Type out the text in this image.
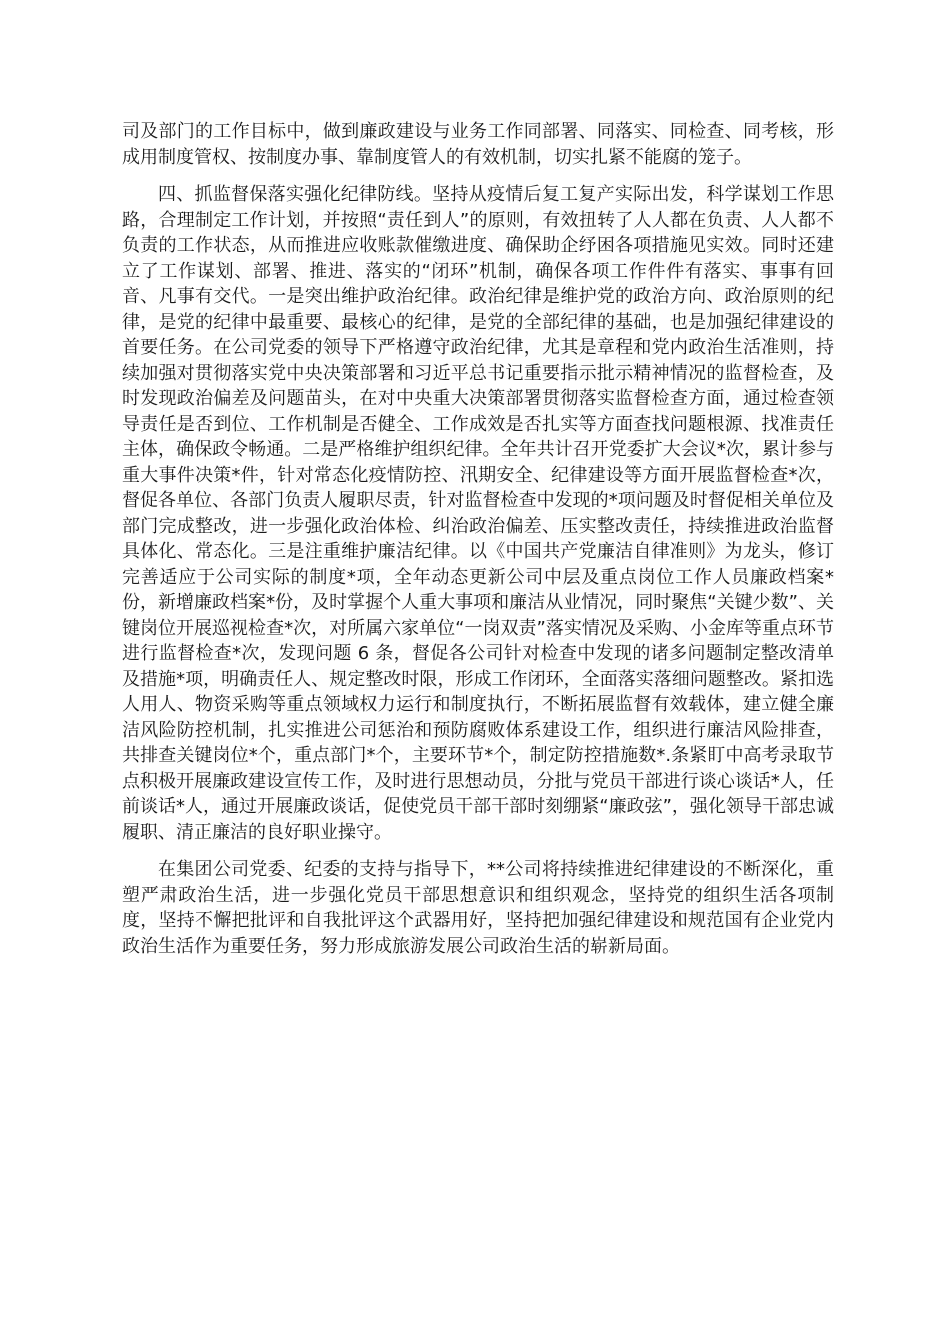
司及部门的工作目标中，做到廉政建设与业务工作同部署、同落实、同检查、同考核，形成用制度管权、按制度办事、靠制度管人的有效机制，切实扎紧不能腐的笼子。

四、抓监督保落实强化纪律防线。坚持从疫情后复工复产实际出发，科学谋划工作思路，合理制定工作计划，并按照“责任到人”的原则，有效扭转了人人都在负责、人人都不负责的工作状态，从而推进应收账款催缴进度、确保助企纾困各项措施见实效。同时还建立了工作谋划、部署、推进、落实的“闭环”机制，确保各项工作件件有落实、事事有回音、凡事有交代。一是突出维护政治纪律。政治纪律是维护党的政治方向、政治原则的纪律，是党的纪律中最重要、最核心的纪律，是党的全部纪律的基础，也是加强纪律建设的首要任务。在公司党委的领导下严格遵守政治纪律，尤其是章程和党内政治生活准则，持续加强对贯彻落实党中央决策部署和习近平总书记重要指示批示精神情况的监督检查，及时发现政治偏差及问题苗头，在对中央重大决策部署贯彻落实监督检查方面，通过检查领导责任是否到位、工作机制是否健全、工作成效是否扎实等方面查找问题根源、找准责任主体，确保政令畅通。二是严格维护组织纪律。全年共计召开党委扩大会议*次，累计参与重大事件决策*件，针对常态化疫情防控、汛期安全、纪律建设等方面开展监督检查*次，督促各单位、各部门负责人履职尽责，针对监督检查中发现的*项问题及时督促相关单位及部门完成整改，进一步强化政治体检、纠治政治偏差、压实整改责任，持续推进政治监督具体化、常态化。三是注重维护廉洁纪律。以《中国共产党廉洁自律准则》为龙头，修订完善适应于公司实际的制度*项，全年动态更新公司中层及重点岗位工作人员廉政档案*份，新增廉政档案*份，及时掌握个人重大事项和廉洁从业情况，同时聚焦“关键少数”、关键岗位开展巡视检查*次，对所属六家单位“一岗双责”落实情况及采购、小金库等重点环节进行监督检查*次，发现问题 6 条，督促各公司针对检查中发现的诸多问题制定整改清单及措施*项，明确责任人、规定整改时限，形成工作闭环，全面落实落细问题整改。紧扣选人用人、物资采购等重点领域权力运行和制度执行，不断拓展监督有效载体，建立健全廉洁风险防控机制，扎实推进公司惩治和预防腐败体系建设工作，组织进行廉洁风险排查，共排查关键岗位*个，重点部门*个，主要环节*个，制定防控措施数*.条紧盯中高考录取节点积极开展廉政建设宣传工作，及时进行思想动员，分批与党员干部进行谈心谈话*人，任前谈话*人，通过开展廉政谈话，促使党员干部干部时刻绷紧“廉政弦”，强化领导干部忠诚履职、清正廉洁的良好职业操守。

在集团公司党委、纪委的支持与指导下，**公司将持续推进纪律建设的不断深化，重塑严肃政治生活，进一步强化党员干部思想意识和组织观念，坚持党的组织生活各项制度，坚持不懈把批评和自我批评这个武器用好，坚持把加强纪律建设和规范国有企业党内政治生活作为重要任务，努力形成旅游发展公司政治生活的崭新局面。
